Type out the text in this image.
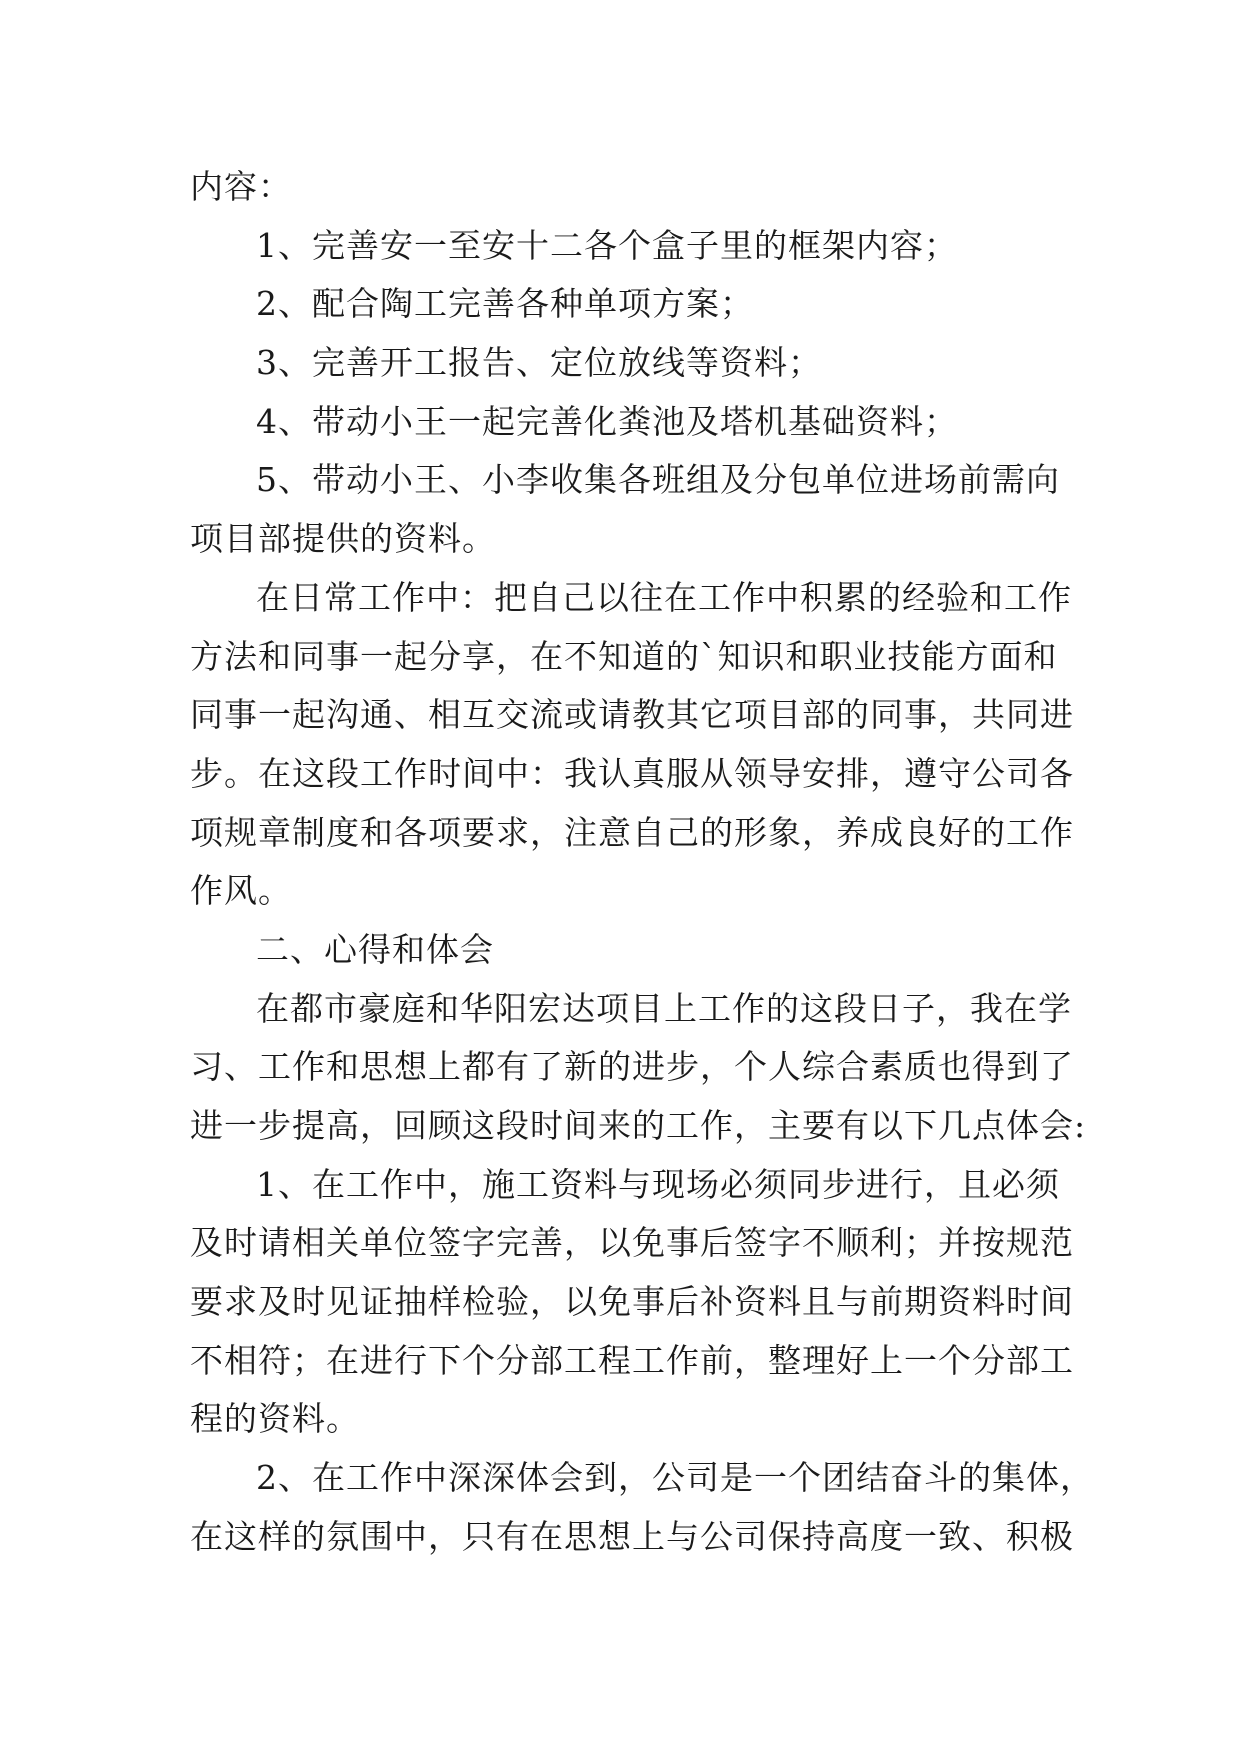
内容：
1、完善安一至安十二各个盒子里的框架内容；
2、配合陶工完善各种单项方案；
3、完善开工报告、定位放线等资料；
4、带动小王一起完善化粪池及塔机基础资料；
5、带动小王、小李收集各班组及分包单位进场前需向
项目部提供的资料。
在日常工作中：把自己以往在工作中积累的经验和工作
方法和同事一起分享，在不知道的`知识和职业技能方面和
同事一起沟通、相互交流或请教其它项目部的同事，共同进
步。在这段工作时间中：我认真服从领导安排，遵守公司各
项规章制度和各项要求，注意自己的形象，养成良好的工作
作风。
二、心得和体会
在都市豪庭和华阳宏达项目上工作的这段日子，我在学
习、工作和思想上都有了新的进步，个人综合素质也得到了
进一步提高，回顾这段时间来的工作，主要有以下几点体会:
1、在工作中，施工资料与现场必须同步进行，且必须
及时请相关单位签字完善，以免事后签字不顺利；并按规范
要求及时见证抽样检验，以免事后补资料且与前期资料时间
不相符；在进行下个分部工程工作前，整理好上一个分部工
程的资料。
2、在工作中深深体会到，公司是一个团结奋斗的集体，
在这样的氛围中，只有在思想上与公司保持高度一致、积极
